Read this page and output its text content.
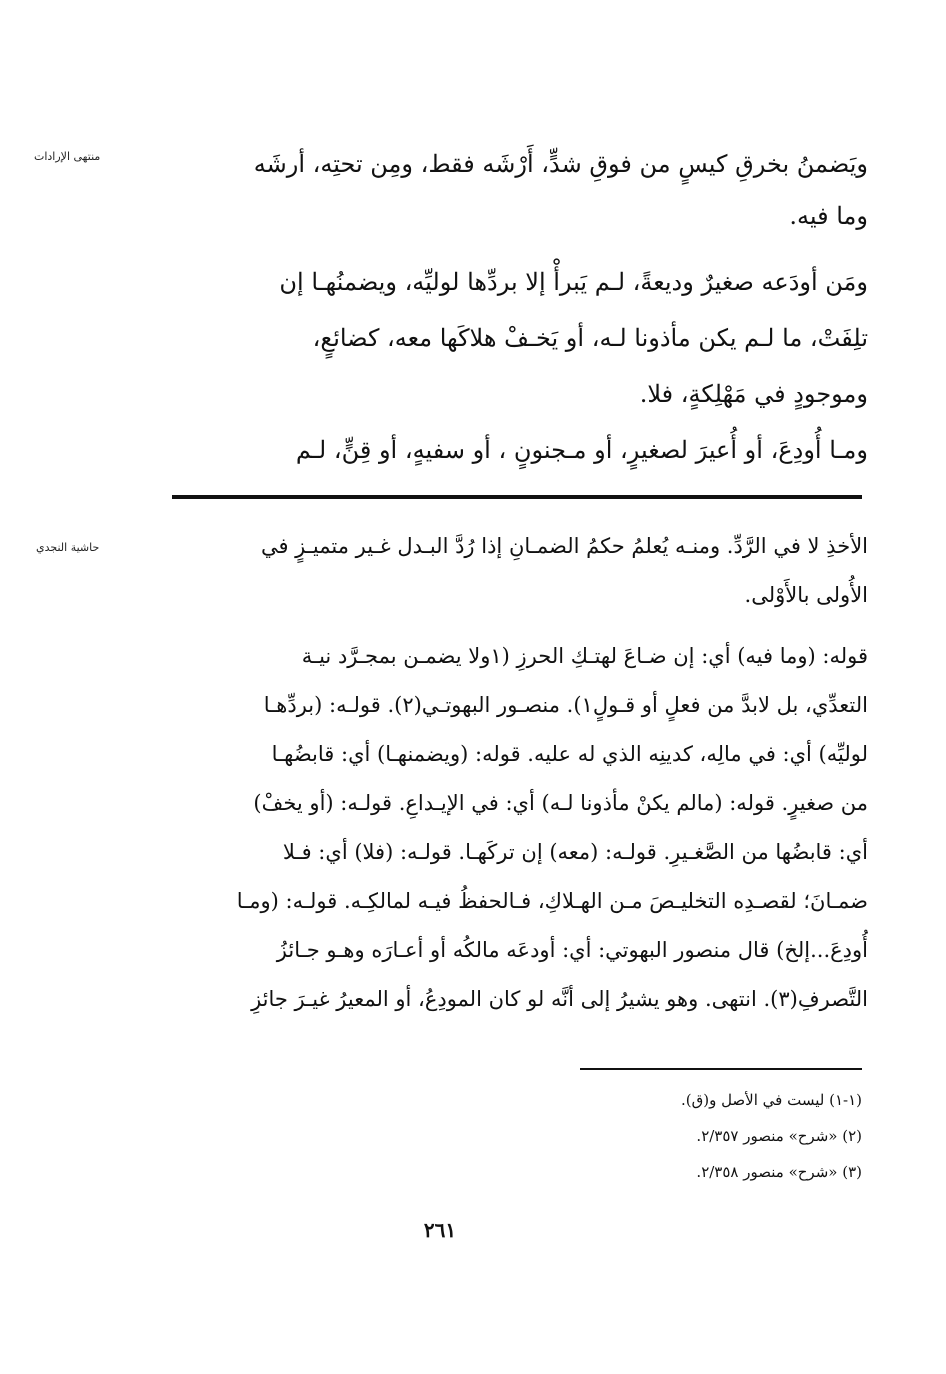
منتهى الإرادات
حاشية النجدي
ويَضمنُ بخرقِ كيسٍ من فوقِ شدٍّ، أَرْشَه فقط، ومِن تحتِه، أرشَه
وما فيه.
ومَن أودَعه صغيرٌ وديعةً، لـم يَبرأْ إلا بردِّها لوليِّه، ويضمنُهـا إن
تلِفَتْ، ما لـم يكن مأذونا لـه، أو يَخـفْ هلاكَها معه، كضائعٍ،
وموجودٍ في مَهْلِكةٍ، فلا.
ومـا أُودِعَ، أو أُعيرَ لصغيرٍ، أو مـجنونٍ ، أو سفيهٍ، أو قِنٍّ، لـم
الأخذِ لا في الرَّدِّ. ومنـه يُعلمُ حكمُ الضمـانِ إذا رُدَّ البـدل غـير متميـزٍ في
الأُولى بالأَوْلى.
قوله: (وما فيه) أي: إن ضـاعَ لهتـكِ الحرزِ (١ولا يضمـن بمجـرَّد نيـة
التعدِّي، بل لابدَّ من فعلٍ أو قـولٍ١). منصـور البهوتـي(٢). قولـه: (بردِّهـا
لوليِّه) أي: في مالِه، كدينِه الذي له عليه. قوله: (ويضمنهـا) أي: قابضُهـا
من صغيرٍ. قوله: (مالم يكنْ مأذونا لـه) أي: في الإيـداعِ. قولـه: (أو يخفْ)
أي: قابضُها من الصَّغـيرِ. قولـه: (معه) إن تركَهـا. قولـه: (فلا) أي: فـلا
ضمـانَ؛ لقصـدِه التخليـصَ مـن الهـلاكِ، فـالحفظُ فيـه لمالكِـه. قولـه: (ومـا
أُودِعَ...إلخ) قال منصور البهوتي: أي: أودعَه مالكُه أو أعـارَه وهـو جـائزُ
التَّصرفِ(٣). انتهى. وهو يشيرُ إلى أنَّه لو كان المودِعُ، أو المعيرُ غيـرَ جائزِ
(١-١) ليست في الأصل و(ق).
(٢) «شرح» منصور ٢/٣٥٧.
(٣) «شرح» منصور ٢/٣٥٨.
٢٦١
